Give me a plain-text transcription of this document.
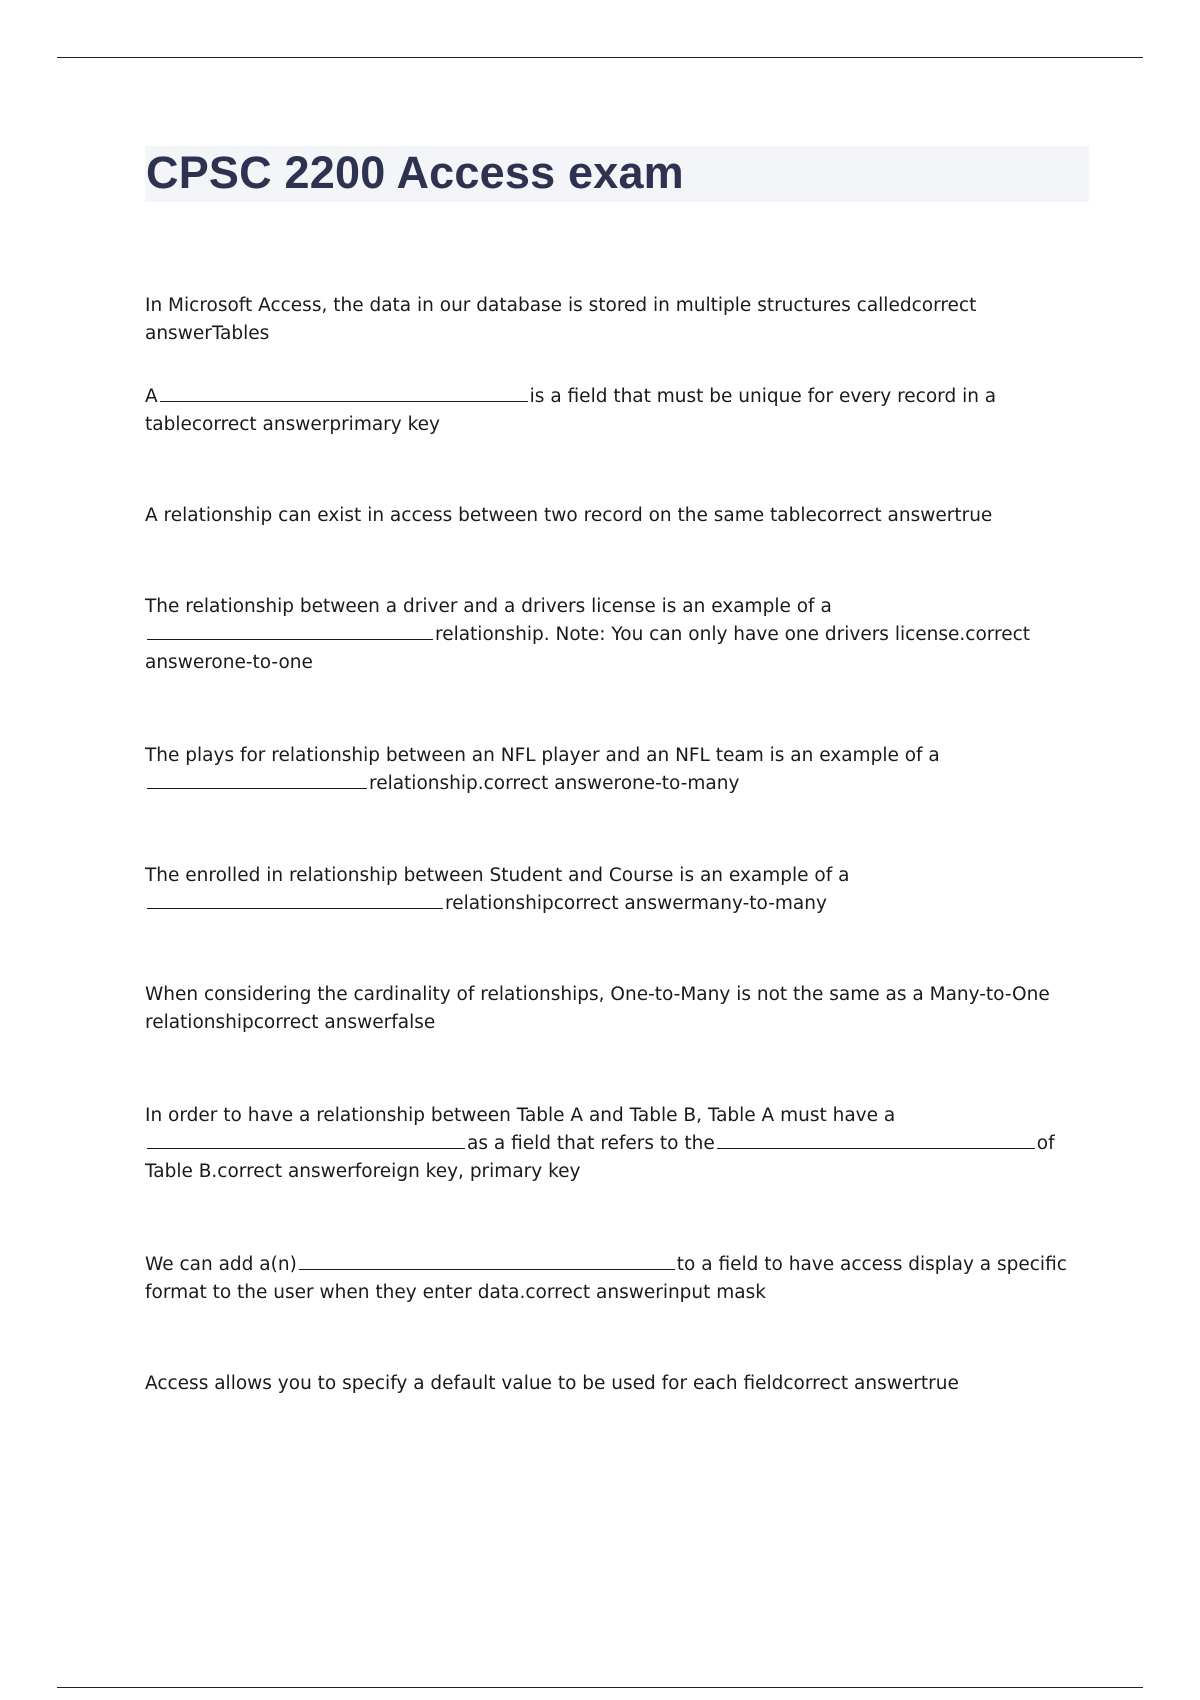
CPSC 2200 Access exam

In Microsoft Access, the data in our database is stored in multiple structures calledcorrect answerTables

A	is a field that must be unique for every record in a

tablecorrect answerprimary key

A relationship can exist in access between two record on the same tablecorrect answertrue

The relationship between a driver and a drivers license is an example of a

relationship. Note: You can only have one drivers license.correct

answerone-to-one

The plays for relationship between an NFL player and an NFL team is an example of a

relationship.correct answerone-to-many

The enrolled in relationship between Student and Course is an example of a

relationshipcorrect answermany-to-many

When considering the cardinality of relationships, One-to-Many is not the same as a Many-to-One

relationshipcorrect answerfalse

In order to have a relationship between Table A and Table B, Table A must have a

as a field that refers to the	of

Table B.correct answerforeign key, primary key

We can add a(n)	to a field to have access display a specific

format to the user when they enter data.correct answerinput mask

Access allows you to specify a default value to be used for each fieldcorrect answertrue
